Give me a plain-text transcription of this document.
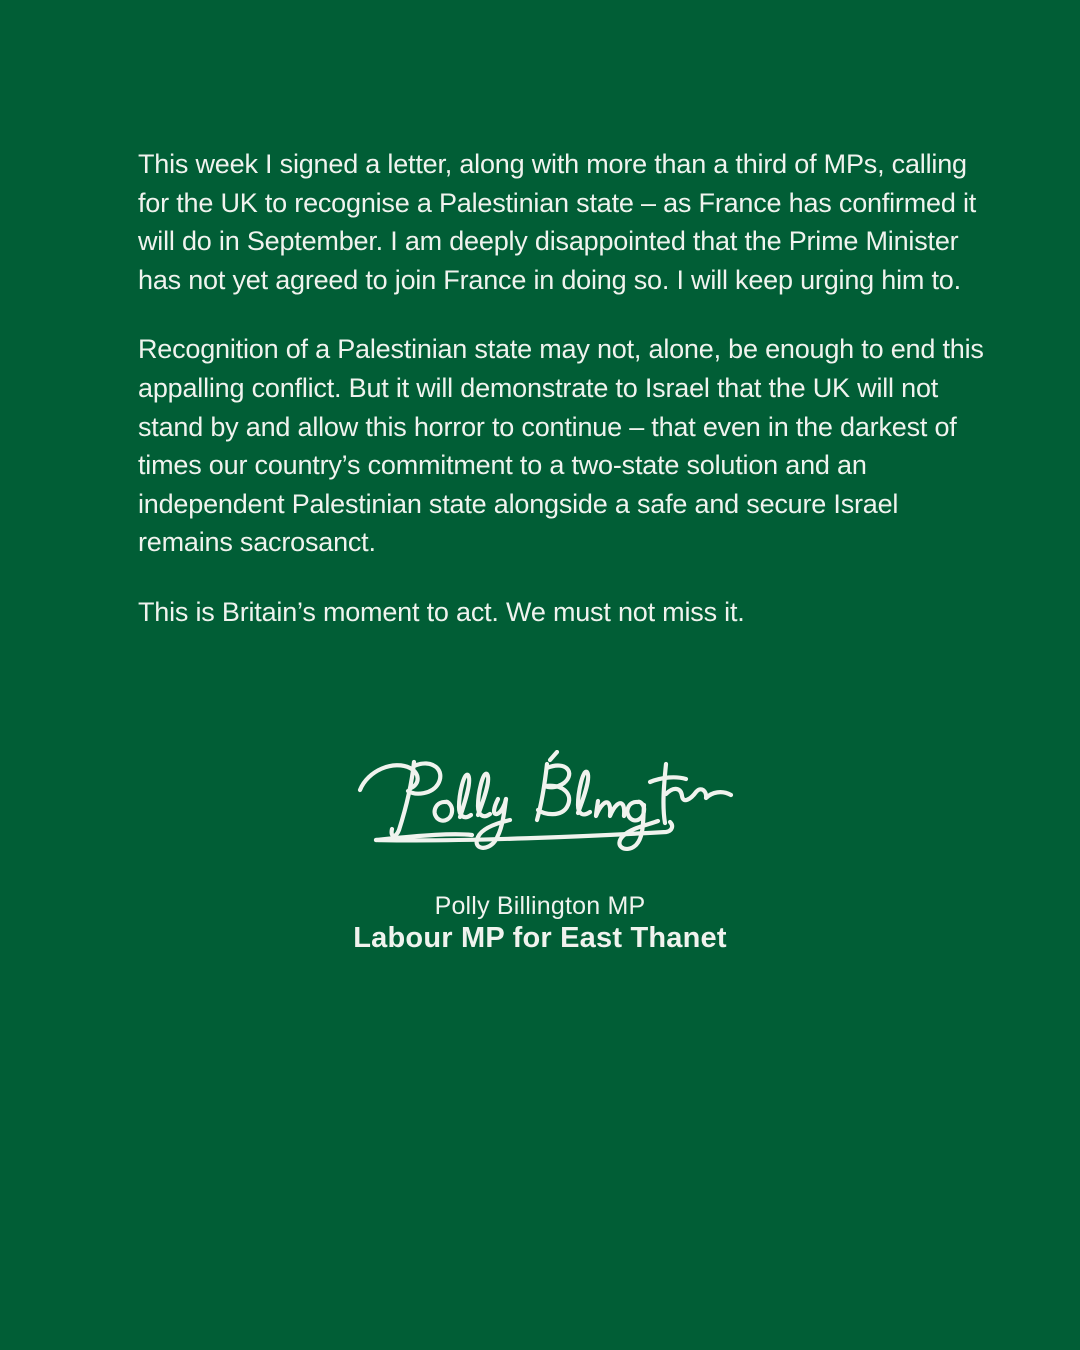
This week I signed a letter, along with more than a third of MPs, calling for the UK to recognise a Palestinian state – as France has confirmed it will do in September. I am deeply disappointed that the Prime Minister has not yet agreed to join France in doing so. I will keep urging him to.

Recognition of a Palestinian state may not, alone, be enough to end this appalling conflict. But it will demonstrate to Israel that the UK will not stand by and allow this horror to continue – that even in the darkest of times our country’s commitment to a two-state solution and an independent Palestinian state alongside a safe and secure Israel remains sacrosanct.

This is Britain’s moment to act. We must not miss it.

Polly Billington MP

Labour MP for East Thanet
